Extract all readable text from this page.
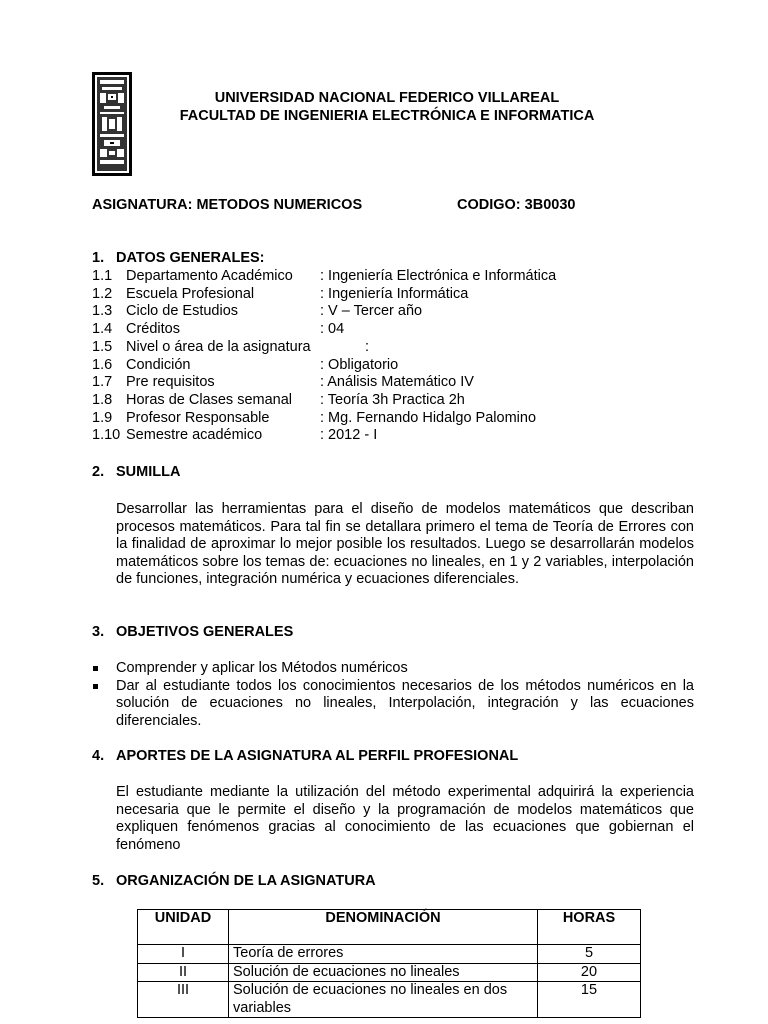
UNIVERSIDAD NACIONAL FEDERICO VILLAREAL
FACULTAD DE INGENIERIA ELECTRÓNICA E INFORMATICA
ASIGNATURA: METODOS NUMERICOS	CODIGO: 3B0030
1. DATOS GENERALES:
1.1 Departamento Académico : Ingeniería Electrónica e Informática
1.2 Escuela Profesional	: Ingeniería Informática
1.3 Ciclo de Estudios	: V – Tercer año
1.4 Créditos	: 04
1.5 Nivel o área de la asignatura	:
1.6 Condición	: Obligatorio
1.7 Pre requisitos	: Análisis Matemático IV
1.8 Horas de Clases semanal : Teoría 3h Practica 2h
1.9 Profesor Responsable	: Mg. Fernando Hidalgo Palomino
1.10 Semestre académico	: 2012 - I
2. SUMILLA
Desarrollar las herramientas para el diseño de modelos matemáticos que describan procesos matemáticos. Para tal fin se detallara primero el tema de Teoría de Errores con la finalidad de aproximar lo mejor posible los resultados. Luego se desarrollarán modelos matemáticos sobre los temas de: ecuaciones no lineales, en 1 y 2 variables, interpolación de funciones, integración numérica y ecuaciones diferenciales.
3. OBJETIVOS GENERALES
Comprender y aplicar los Métodos numéricos
Dar al estudiante todos los conocimientos necesarios de los métodos numéricos en la solución de ecuaciones no lineales, Interpolación, integración y las ecuaciones diferenciales.
4. APORTES DE LA ASIGNATURA AL PERFIL PROFESIONAL
El estudiante mediante la utilización del método experimental adquirirá la experiencia necesaria que le permite el diseño y la programación de modelos matemáticos que expliquen fenómenos gracias al conocimiento de las ecuaciones que gobiernan el fenómeno
5. ORGANIZACIÓN DE LA ASIGNATURA
UNIDAD	DENOMINACIÓN	HORAS
I	Teoría de errores	5
II	Solución de ecuaciones no lineales	20
III	Solución de ecuaciones no lineales en dos variables	15
